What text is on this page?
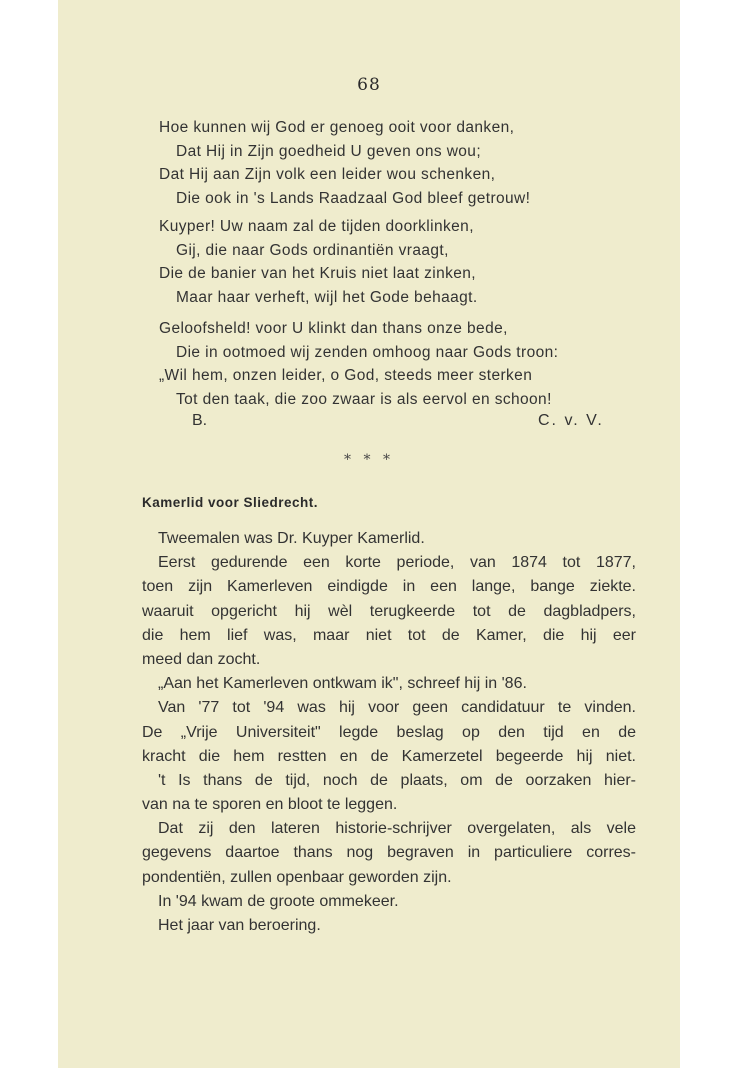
68
Hoe kunnen wij God er genoeg ooit voor danken,
Dat Hij in Zijn goedheid U geven ons wou;
Dat Hij aan Zijn volk een leider wou schenken,
Die ook in 's Lands Raadzaal God bleef getrouw!
Kuyper! Uw naam zal de tijden doorklinken,
Gij, die naar Gods ordinantiën vraagt,
Die de banier van het Kruis niet laat zinken,
Maar haar verheft, wijl het Gode behaagt.
Geloofsheld! voor U klinkt dan thans onze bede,
Die in ootmoed wij zenden omhoog naar Gods troon:
„Wil hem, onzen leider, o God, steeds meer sterken
Tot den taak, die zoo zwaar is als eervol en schoon!
B.	C. v. V.
* * *
Kamerlid voor Sliedrecht.
Tweemalen was Dr. Kuyper Kamerlid.
Eerst gedurende een korte periode, van 1874 tot 1877,
toen zijn Kamerleven eindigde in een lange, bange ziekte.
waaruit opgericht hij wèl terugkeerde tot de dagbladpers,
die hem lief was, maar niet tot de Kamer, die hij eer
meed dan zocht.
„Aan het Kamerleven ontkwam ik", schreef hij in '86.
Van '77 tot '94 was hij voor geen candidatuur te vinden.
De „Vrije Universiteit" legde beslag op den tijd en de
kracht die hem restten en de Kamerzetel begeerde hij niet.
't Is thans de tijd, noch de plaats, om de oorzaken hier-
van na te sporen en bloot te leggen.
Dat zij den lateren historie-schrijver overgelaten, als vele
gegevens daartoe thans nog begraven in particuliere corres-
pondentiën, zullen openbaar geworden zijn.
In '94 kwam de groote ommekeer.
Het jaar van beroering.
